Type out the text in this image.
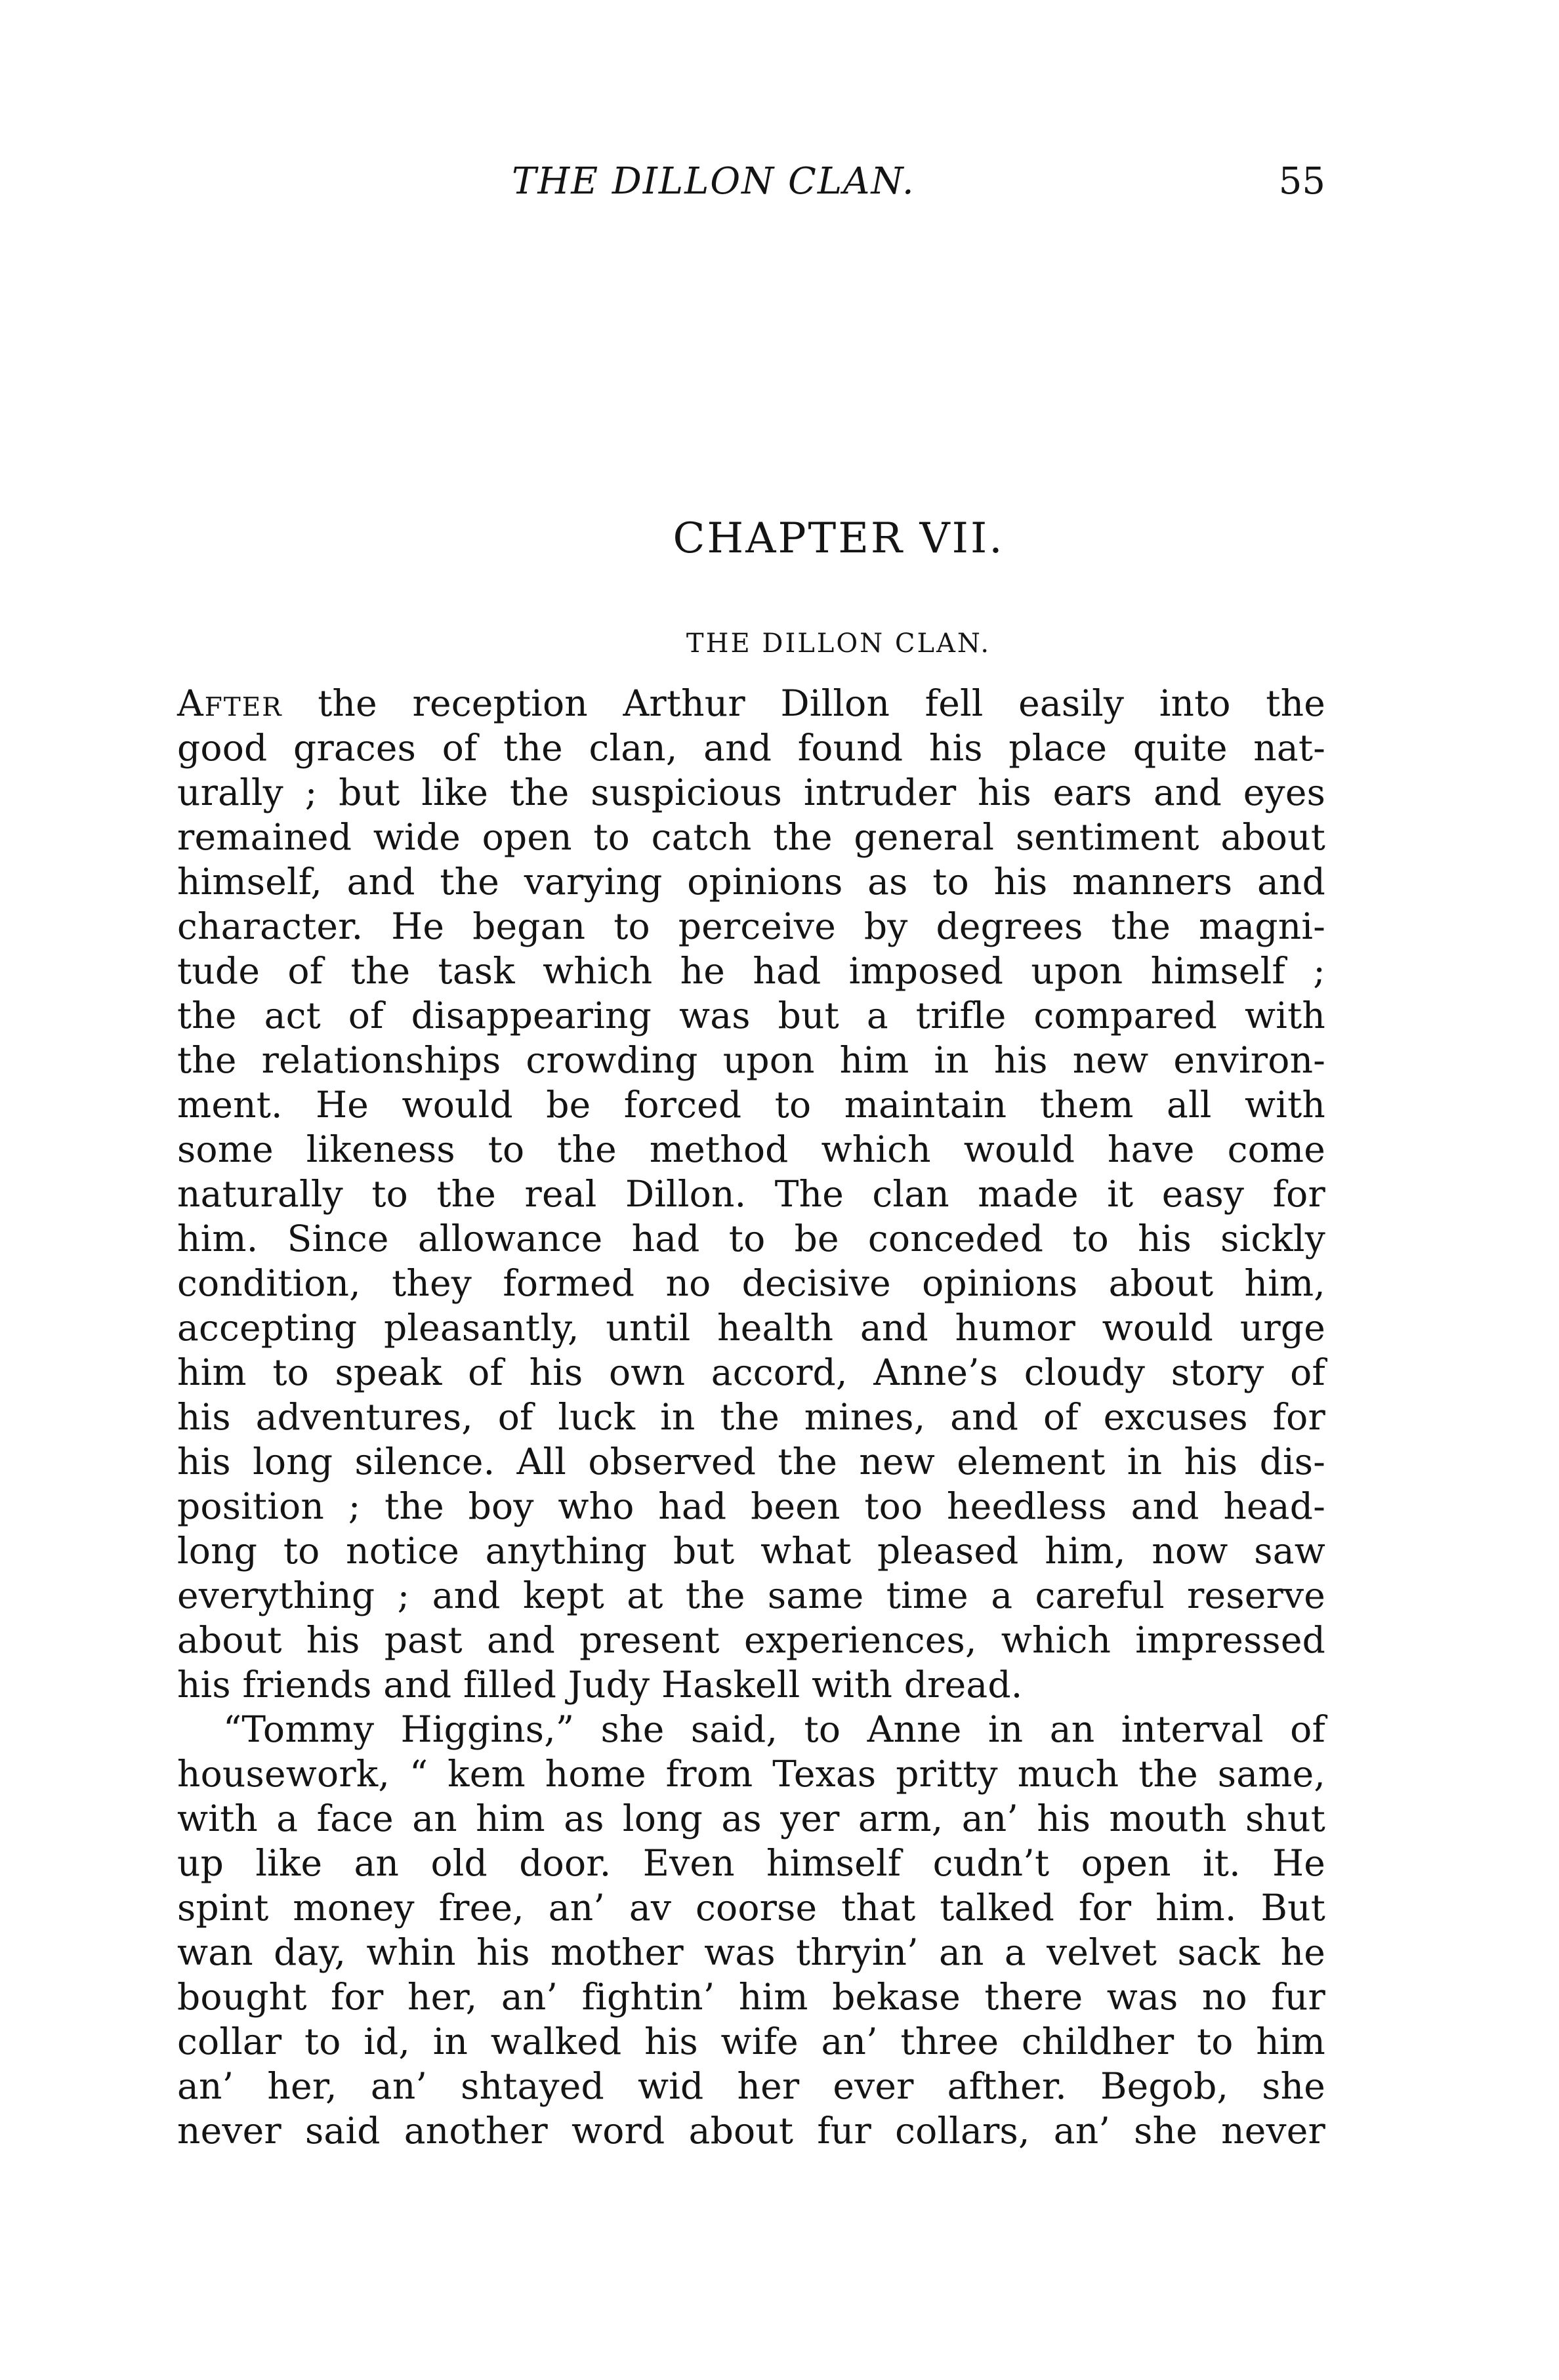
THE DILLON CLAN.	55
CHAPTER VII.
THE DILLON CLAN.
After the reception Arthur Dillon fell easily into the
good graces of the clan, and found his place quite nat-
urally ; but like the suspicious intruder his ears and eyes
remained wide open to catch the general sentiment about
himself, and the varying opinions as to his manners and
character. He began to perceive by degrees the magni-
tude of the task which he had imposed upon himself ;
the act of disappearing was but a trifle compared with
the relationships crowding upon him in his new environ-
ment. He would be forced to maintain them all with
some likeness to the method which would have come
naturally to the real Dillon. The clan made it easy for
him. Since allowance had to be conceded to his sickly
condition, they formed no decisive opinions about him,
accepting pleasantly, until health and humor would urge
him to speak of his own accord, Anne’s cloudy story of
his adventures, of luck in the mines, and of excuses for
his long silence. All observed the new element in his dis-
position ; the boy who had been too heedless and head-
long to notice anything but what pleased him, now saw
everything ; and kept at the same time a careful reserve
about his past and present experiences, which impressed
his friends and filled Judy Haskell with dread.
“Tommy Higgins,” she said, to Anne in an interval of
housework, “ kem home from Texas pritty much the same,
with a face an him as long as yer arm, an’ his mouth shut
up like an old door. Even himself cudn’t open it. He
spint money free, an’ av coorse that talked for him. But
wan day, whin his mother was thryin’ an a velvet sack he
bought for her, an’ fightin’ him bekase there was no fur
collar to id, in walked his wife an’ three childher to him
an’ her, an’ shtayed wid her ever afther. Begob, she
never said another word about fur collars, an’ she never
